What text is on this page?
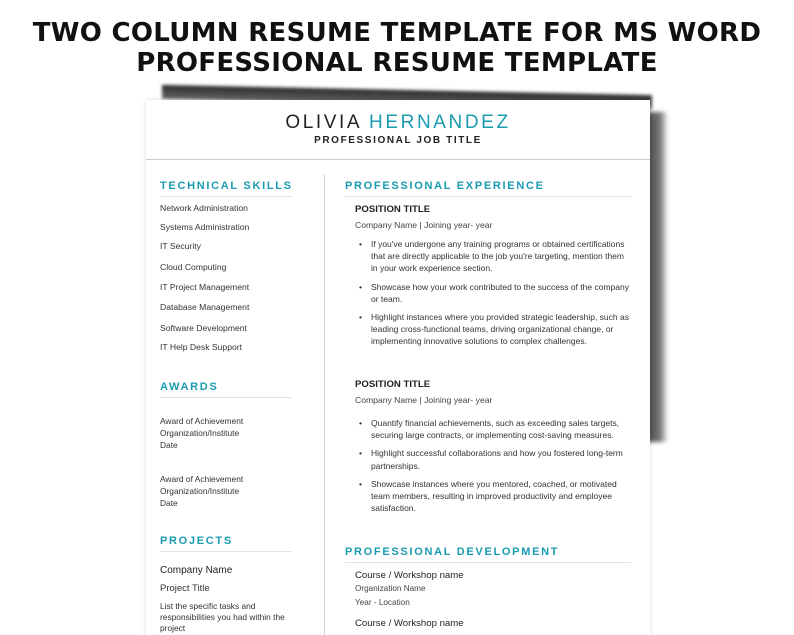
TWO COLUMN RESUME TEMPLATE FOR MS WORD
PROFESSIONAL RESUME TEMPLATE
OLIVIA HERNANDEZ
PROFESSIONAL JOB TITLE
TECHNICAL SKILLS
Network Administration
Systems Administration
IT Security
Cloud Computing
IT Project Management
Database Management
Software Development
IT Help Desk Support
AWARDS
Award of Achievement
Organization/Institute
Date
Award of Achievement
Organization/Institute
Date
PROJECTS
Company Name
Project Title
List the specific tasks and responsibilities you had within the project
PROFESSIONAL EXPERIENCE
POSITION TITLE
Company Name | Joining year- year
• If you've undergone any training programs or obtained certifications that are directly applicable to the job you're targeting, mention them in your work experience section.
• Showcase how your work contributed to the success of the company or team.
• Highlight instances where you provided strategic leadership, such as leading cross-functional teams, driving organizational change, or implementing innovative solutions to complex challenges.
POSITION TITLE
Company Name | Joining year- year
• Quantify financial achievements, such as exceeding sales targets, securing large contracts, or implementing cost-saving measures.
• Highlight successful collaborations and how you fostered long-term partnerships.
• Showcase instances where you mentored, coached, or motivated team members, resulting in improved productivity and employee satisfaction.
PROFESSIONAL DEVELOPMENT
Course / Workshop name
Organization Name
Year - Location
Course / Workshop name
